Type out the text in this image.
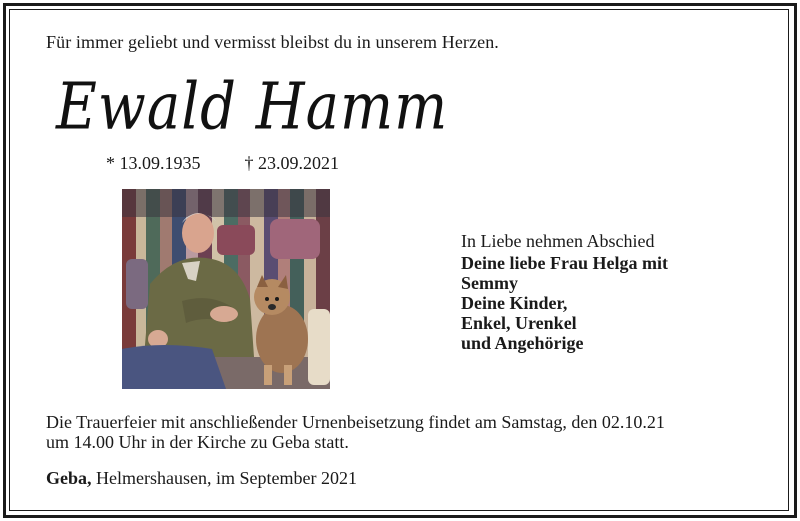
Für immer geliebt und vermisst bleibst du in unserem Herzen.
Ewald Hamm
* 13.09.1935 † 23.09.2021
In Liebe nehmen Abschied
Deine liebe Frau Helga mit
Semmy
Deine Kinder,
Enkel, Urenkel
und Angehörige
Die Trauerfeier mit anschließender Urnenbeisetzung findet am Samstag, den 02.10.21
um 14.00 Uhr in der Kirche zu Geba statt.
Geba, Helmershausen, im September 2021
